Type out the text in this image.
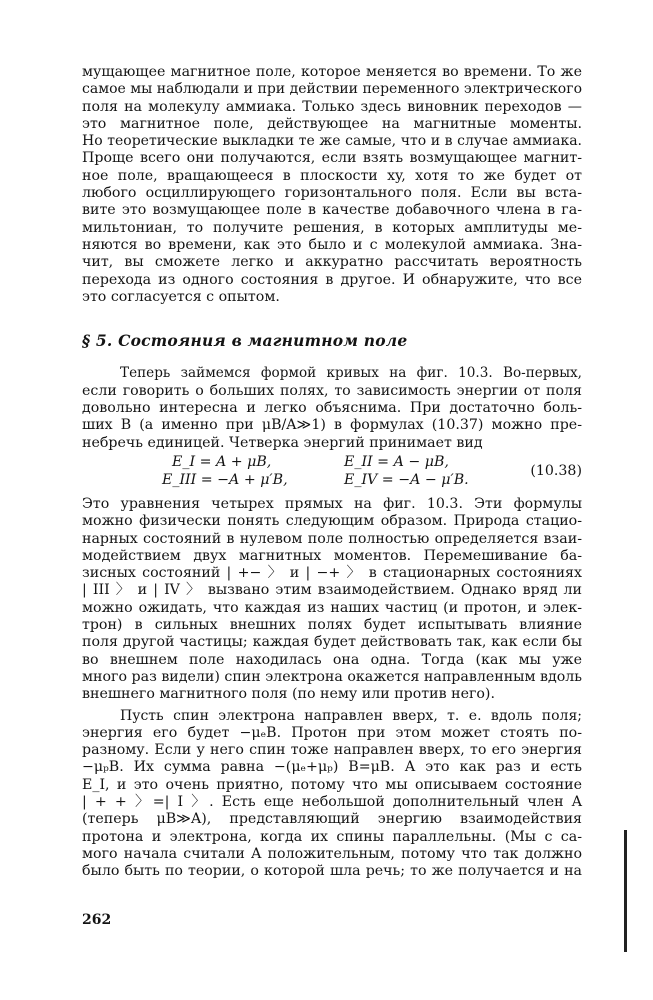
мущающее магнитное поле, которое меняется во времени. То же
самое мы наблюдали и при действии переменного электрического
поля на молекулу аммиака. Только здесь виновник переходов —
это магнитное поле, действующее на магнитные моменты.
Но теоретические выкладки те же самые, что и в случае аммиака.
Проще всего они получаются, если взять возмущающее магнит-
ное поле, вращающееся в плоскости xy, хотя то же будет от
любого осциллирующего горизонтального поля. Если вы вста-
вите это возмущающее поле в качестве добавочного члена в га-
мильтониан, то получите решения, в которых амплитуды ме-
няются во времени, как это было и с молекулой аммиака. Зна-
чит, вы сможете легко и аккуратно рассчитать вероятность
перехода из одного состояния в другое. И обнаружите, что все
это согласуется с опытом.

§ 5. Состояния в магнитном поле

Теперь займемся формой кривых на фиг. 10.3. Во-первых,
если говорить о больших полях, то зависимость энергии от поля
довольно интересна и легко объяснима. При достаточно боль-
ших B (а именно при μB/A≫1) в формулах (10.37) можно пре-
небречь единицей. Четверка энергий принимает вид

E_I = A + μB,	E_II = A − μB,
E_III = −A + μ′B,	E_IV = −A − μ′B.
(10.38)

Это уравнения четырех прямых на фиг. 10.3. Эти формулы
можно физически понять следующим образом. Природа стацио-
нарных состояний в нулевом поле полностью определяется взаи-
модействием двух магнитных моментов. Перемешивание ба-
зисных состояний | +− 〉 и | −+ 〉 в стационарных состояниях
| III 〉 и | IV 〉 вызвано этим взаимодействием. Однако вряд ли
можно ожидать, что каждая из наших частиц (и протон, и элек-
трон) в сильных внешних полях будет испытывать влияние
поля другой частицы; каждая будет действовать так, как если бы
во внешнем поле находилась она одна. Тогда (как мы уже
много раз видели) спин электрона окажется направленным вдоль
внешнего магнитного поля (по нему или против него).

Пусть спин электрона направлен вверх, т. е. вдоль поля;
энергия его будет −μₑB. Протон при этом может стоять по-
разному. Если у него спин тоже направлен вверх, то его энергия
−μₚB. Их сумма равна −(μₑ+μₚ) B=μB. А это как раз и есть
E_I, и это очень приятно, потому что мы описываем состояние
| + + 〉=| I 〉. Есть еще небольшой дополнительный член A
(теперь μB≫A), представляющий энергию взаимодействия
протона и электрона, когда их спины параллельны. (Мы с са-
мого начала считали A положительным, потому что так должно
было быть по теории, о которой шла речь; то же получается и на

262
